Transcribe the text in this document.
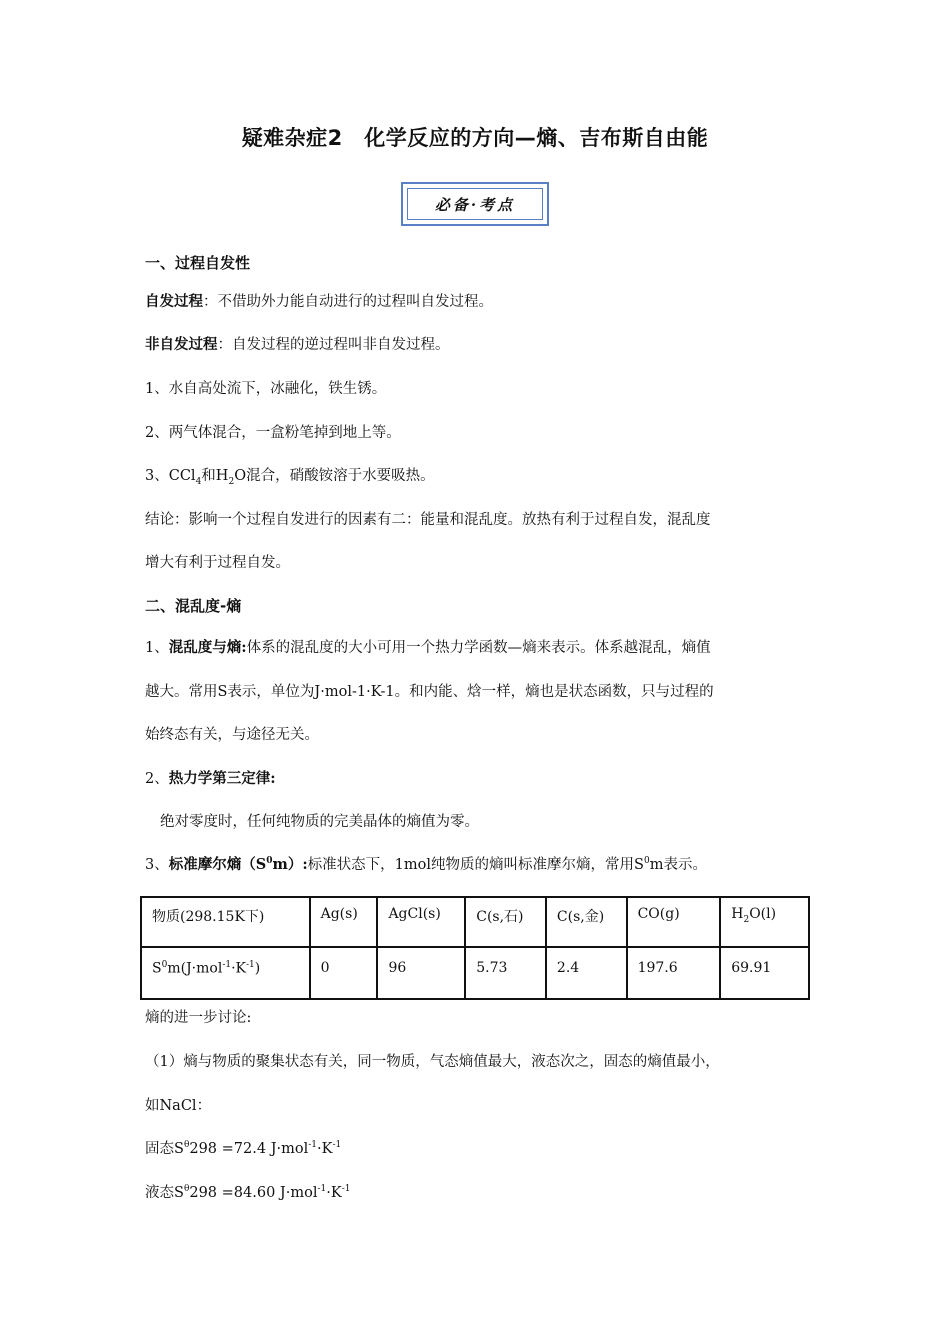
疑难杂症2　化学反应的方向—熵、吉布斯自由能
必备·考点
一、过程自发性
自发过程：不借助外力能自动进行的过程叫自发过程。
非自发过程：自发过程的逆过程叫非自发过程。
1、水自高处流下，冰融化，铁生锈。
2、两气体混合，一盒粉笔掉到地上等。
3、CCl$_4$和$H_2O$混合，硝酸铵溶于水要吸热。
结论：影响一个过程自发进行的因素有二：能量和混乱度。放热有利于过程自发，混乱度
增大有利于过程自发。
二、混乱度-熵
1、混乱度与熵:体系的混乱度的大小可用一个热力学函数—熵来表示。体系越混乱，熵值
越大。常用S表示，单位为J·mol-1·K-1。和内能、焓一样，熵也是状态函数，只与过程的
始终态有关，与途径无关。
2、热力学第三定律:
绝对零度时，任何纯物质的完美晶体的熵值为零。
3、标准摩尔熵$(S^0m)$:标准状态下，1mol纯物质的熵叫标准摩尔熵，常用$S^0m$表示。
物质(298.15K下)	Ag(s)	AgCl(s)	C(s,石)	C(s,金)	CO(g)	$H_2O(l)$
$S^0m(J\cdot mol^{-1}\cdot K^{-1})$	0	96	5.73	2.4	197.6	69.91
熵的进一步讨论:
（1）熵与物质的聚集状态有关，同一物质，气态熵值最大，液态次之，固态的熵值最小，
如NaCl：
固态$S^\theta 298 =72.4$ $J\cdot mol^{-1}\cdot K^{-1}$
液态$S^\theta 298 =84.60$ $J\cdot mol^{-1}\cdot K^{-1}$
